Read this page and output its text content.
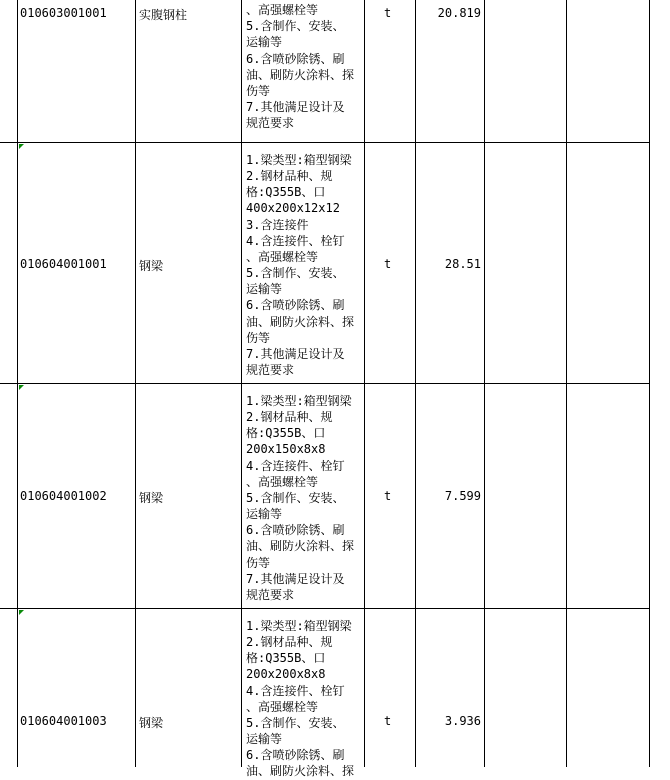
010603001001	实腹钢柱	
、高强螺栓等
5.含制作、安装、
运输等
6.含喷砂除锈、刷
油、刷防火涂料、探
伤等
7.其他满足设计及
规范要求
t	20.819
010604001001	钢梁
1.梁类型:箱型钢梁
2.钢材品种、规
格:Q355B、口
400x200x12x12
3.含连接件
4.含连接件、栓钉
、高强螺栓等
5.含制作、安装、
运输等
6.含喷砂除锈、刷
油、刷防火涂料、探
伤等
7.其他满足设计及
规范要求
t	28.51
010604001002	钢梁
1.梁类型:箱型钢梁
2.钢材品种、规
格:Q355B、口
200x150x8x8
4.含连接件、栓钉
、高强螺栓等
5.含制作、安装、
运输等
6.含喷砂除锈、刷
油、刷防火涂料、探
伤等
7.其他满足设计及
规范要求
t	7.599
010604001003	钢梁
1.梁类型:箱型钢梁
2.钢材品种、规
格:Q355B、口
200x200x8x8
4.含连接件、栓钉
、高强螺栓等
5.含制作、安装、
运输等
6.含喷砂除锈、刷
油、刷防火涂料、探
t	3.936
